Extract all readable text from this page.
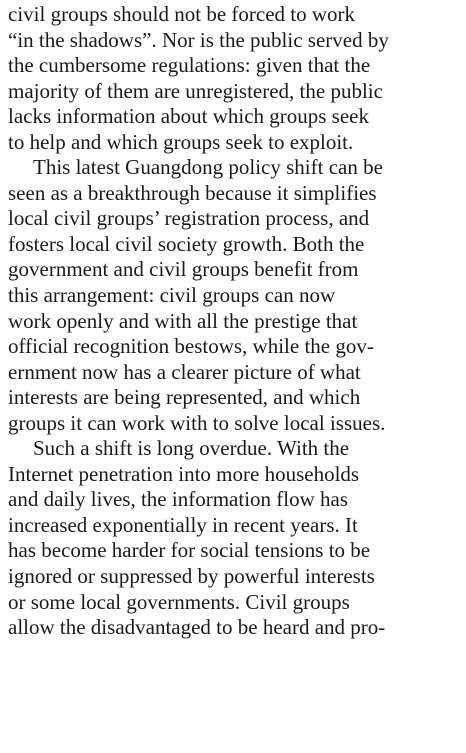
civil groups should not be forced to work
“in the shadows”. Nor is the public served by
the cumbersome regulations: given that the
majority of them are unregistered, the public
lacks information about which groups seek
to help and which groups seek to exploit.
This latest Guangdong policy shift can be
seen as a breakthrough because it simplifies
local civil groups’ registration process, and
fosters local civil society growth. Both the
government and civil groups benefit from
this arrangement: civil groups can now
work openly and with all the prestige that
official recognition bestows, while the gov-
ernment now has a clearer picture of what
interests are being represented, and which
groups it can work with to solve local issues.
Such a shift is long overdue. With the
Internet penetration into more households
and daily lives, the information flow has
increased exponentially in recent years. It
has become harder for social tensions to be
ignored or suppressed by powerful interests
or some local governments. Civil groups
allow the disadvantaged to be heard and pro-
